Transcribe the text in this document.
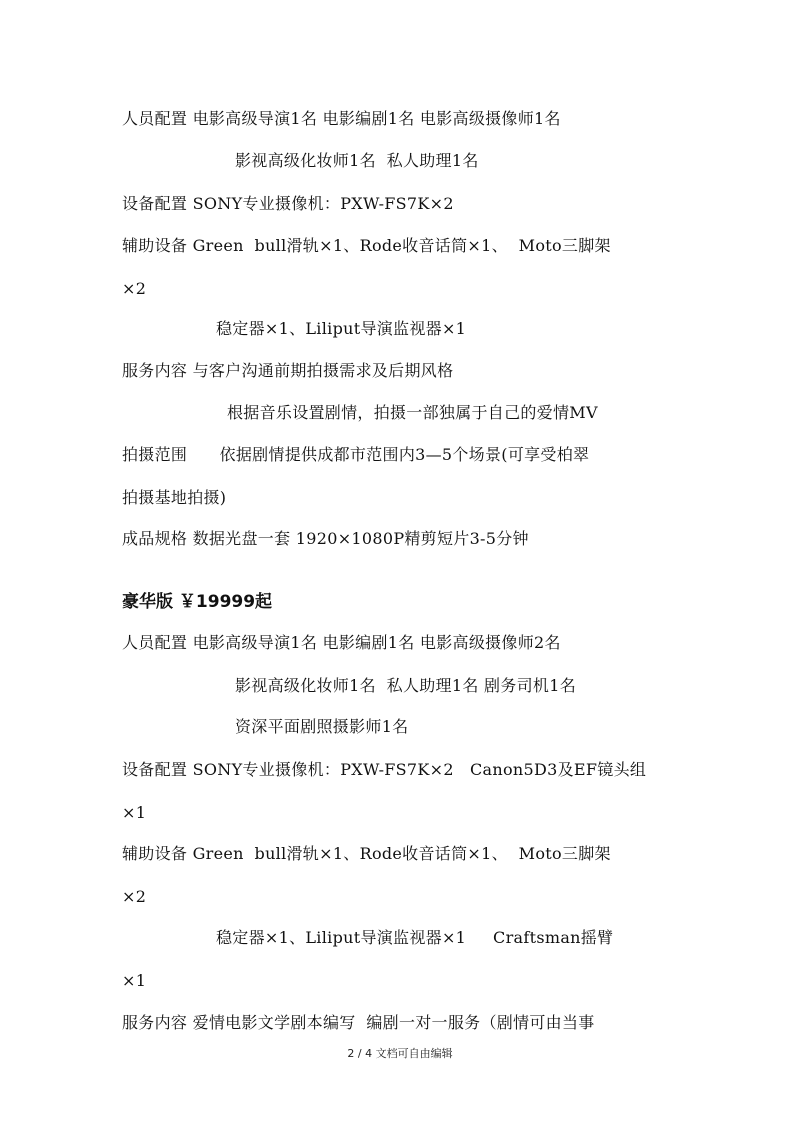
人员配置 电影高级导演1名 电影编剧1名 电影高级摄像师1名
影视高级化妆师1名  私人助理1名
设备配置 SONY专业摄像机：PXW-FS7K×2
辅助设备 Green  bull滑轨×1、Rode收音话筒×1、  Moto三脚架
×2
稳定器×1、Liliput导演监视器×1
服务内容 与客户沟通前期拍摄需求及后期风格
根据音乐设置剧情，拍摄一部独属于自己的爱情MV
拍摄范围      依据剧情提供成都市范围内3—5个场景(可享受柏翠
拍摄基地拍摄)
成品规格 数据光盘一套 1920×1080P精剪短片3-5分钟
豪华版 ￥19999起
人员配置 电影高级导演1名 电影编剧1名 电影高级摄像师2名
影视高级化妆师1名  私人助理1名 剧务司机1名
资深平面剧照摄影师1名
设备配置 SONY专业摄像机：PXW-FS7K×2   Canon5D3及EF镜头组
×1
辅助设备 Green  bull滑轨×1、Rode收音话筒×1、  Moto三脚架
×2
稳定器×1、Liliput导演监视器×1     Craftsman摇臂
×1
服务内容 爱情电影文学剧本编写  编剧一对一服务（剧情可由当事
2 / 4 文档可自由编辑
